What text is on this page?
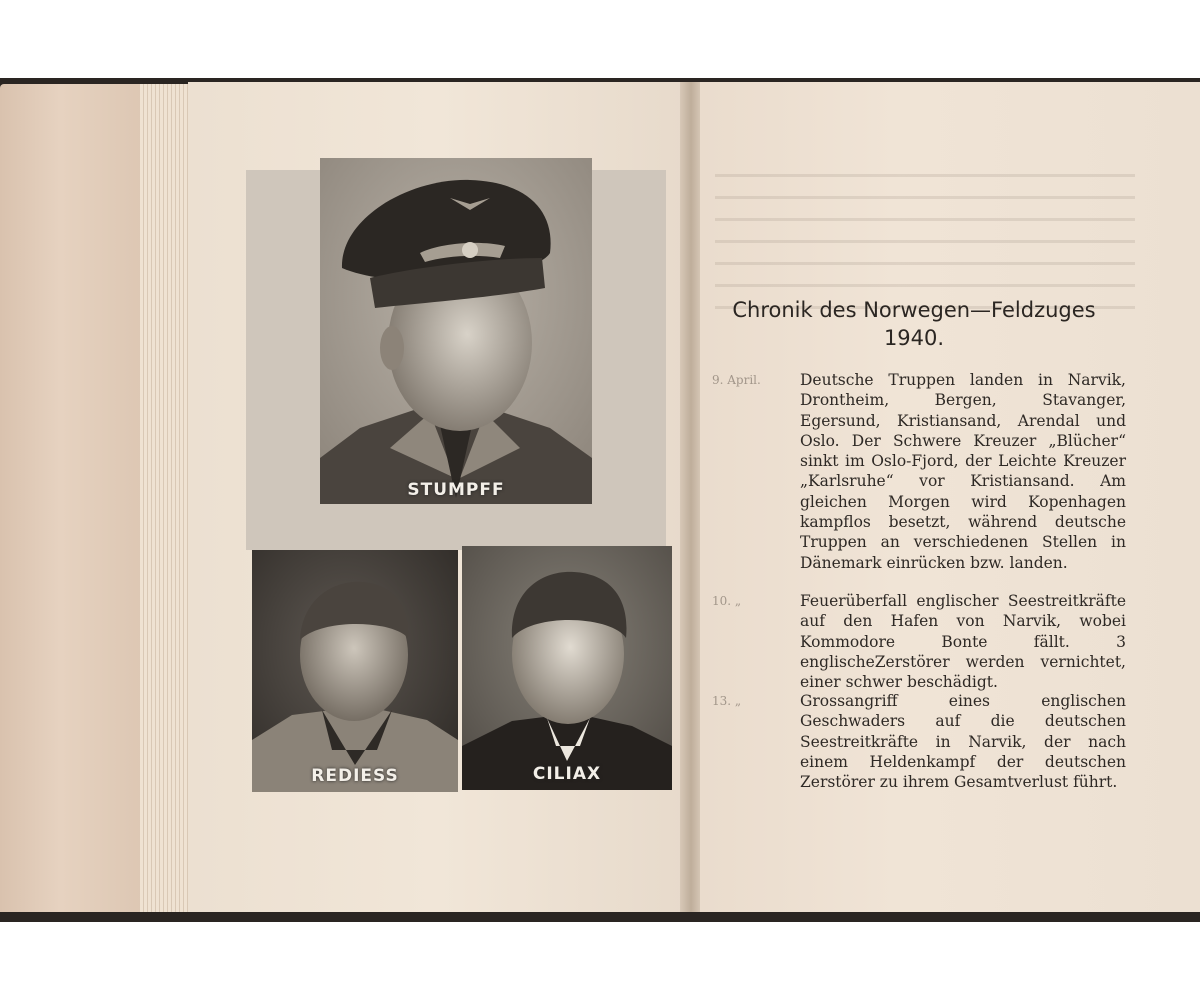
STUMPFF
REDIESS	CILIAX
Chronik des Norwegen—Feldzuges
1940.
9. April.	Deutsche Truppen landen in Narvik, Drontheim, Bergen, Stavanger, Egersund, Kristiansand, Arendal und Oslo. Der Schwere Kreuzer „Blücher“ sinkt im Oslo-Fjord, der Leichte Kreuzer „Karlsruhe“ vor Kristiansand. Am gleichen Morgen wird Kopenhagen kampflos besetzt, während deutsche Truppen an verschiedenen Stellen in Dänemark einrücken bzw. landen.
10. „	Feuerüberfall englischer Seestreitkräfte auf den Hafen von Narvik, wobei Kommodore Bonte fällt. 3 englischeZerstörer werden vernichtet, einer schwer beschädigt.
13. „	Grossangriff eines englischen Geschwaders auf die deutschen Seestreitkräfte in Narvik, der nach einem Heldenkampf der deutschen Zerstörer zu ihrem Gesamtverlust führt.
